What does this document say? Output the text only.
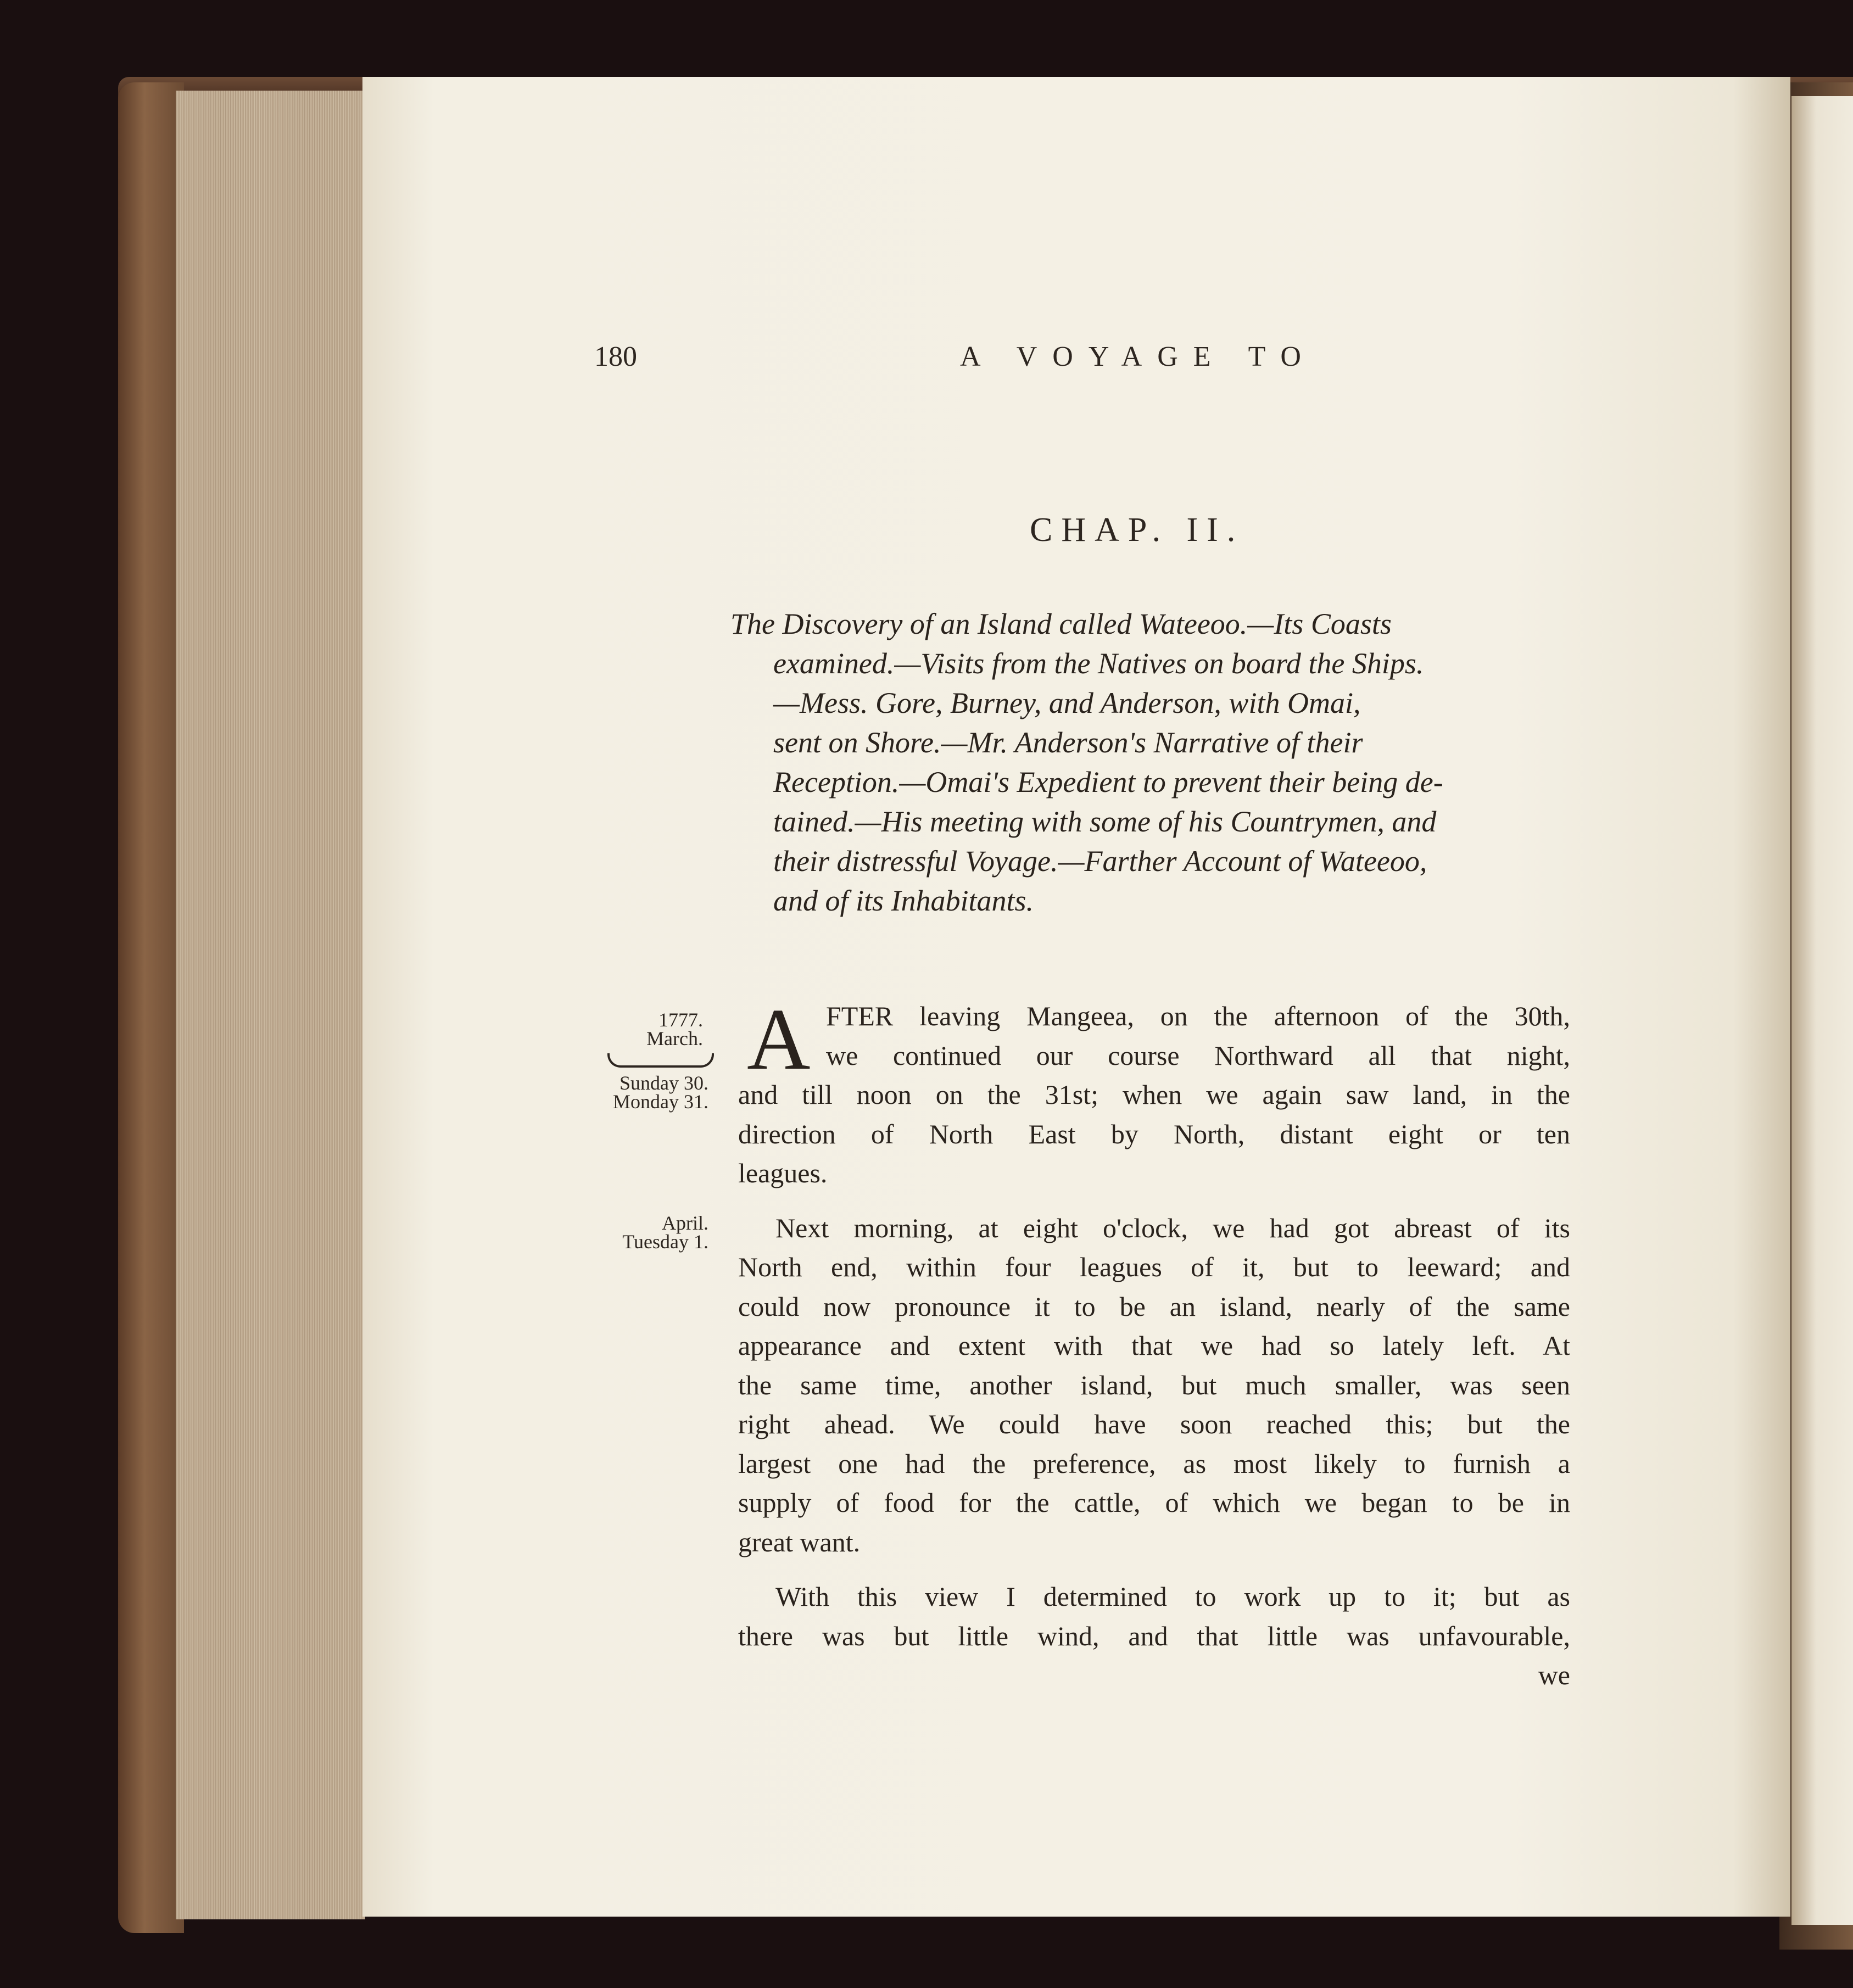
180	A VOYAGE TO
CHAP. II.
The Discovery of an Island called Wateeoo.—Its Coasts
examined.—Visits from the Natives on board the Ships.
—Mess. Gore, Burney, and Anderson, with Omai,
sent on Shore.—Mr. Anderson's Narrative of their
Reception.—Omai's Expedient to prevent their being de-
tained.—His meeting with some of his Countrymen, and
their distressful Voyage.—Farther Account of Wateeoo,
and of its Inhabitants.
1777.
March.
Sunday 30.
Monday 31.
April.
Tuesday 1.
A FTER leaving Mangeea, on the afternoon of the 30th,
we continued our course Northward all that night,
and till noon on the 31st; when we again saw land, in the
direction of North East by North, distant eight or ten
leagues.
Next morning, at eight o'clock, we had got abreast of its
North end, within four leagues of it, but to leeward; and
could now pronounce it to be an island, nearly of the same
appearance and extent with that we had so lately left. At
the same time, another island, but much smaller, was seen
right ahead. We could have soon reached this; but the
largest one had the preference, as most likely to furnish a
supply of food for the cattle, of which we began to be in
great want.
With this view I determined to work up to it; but as
there was but little wind, and that little was unfavourable,
we
